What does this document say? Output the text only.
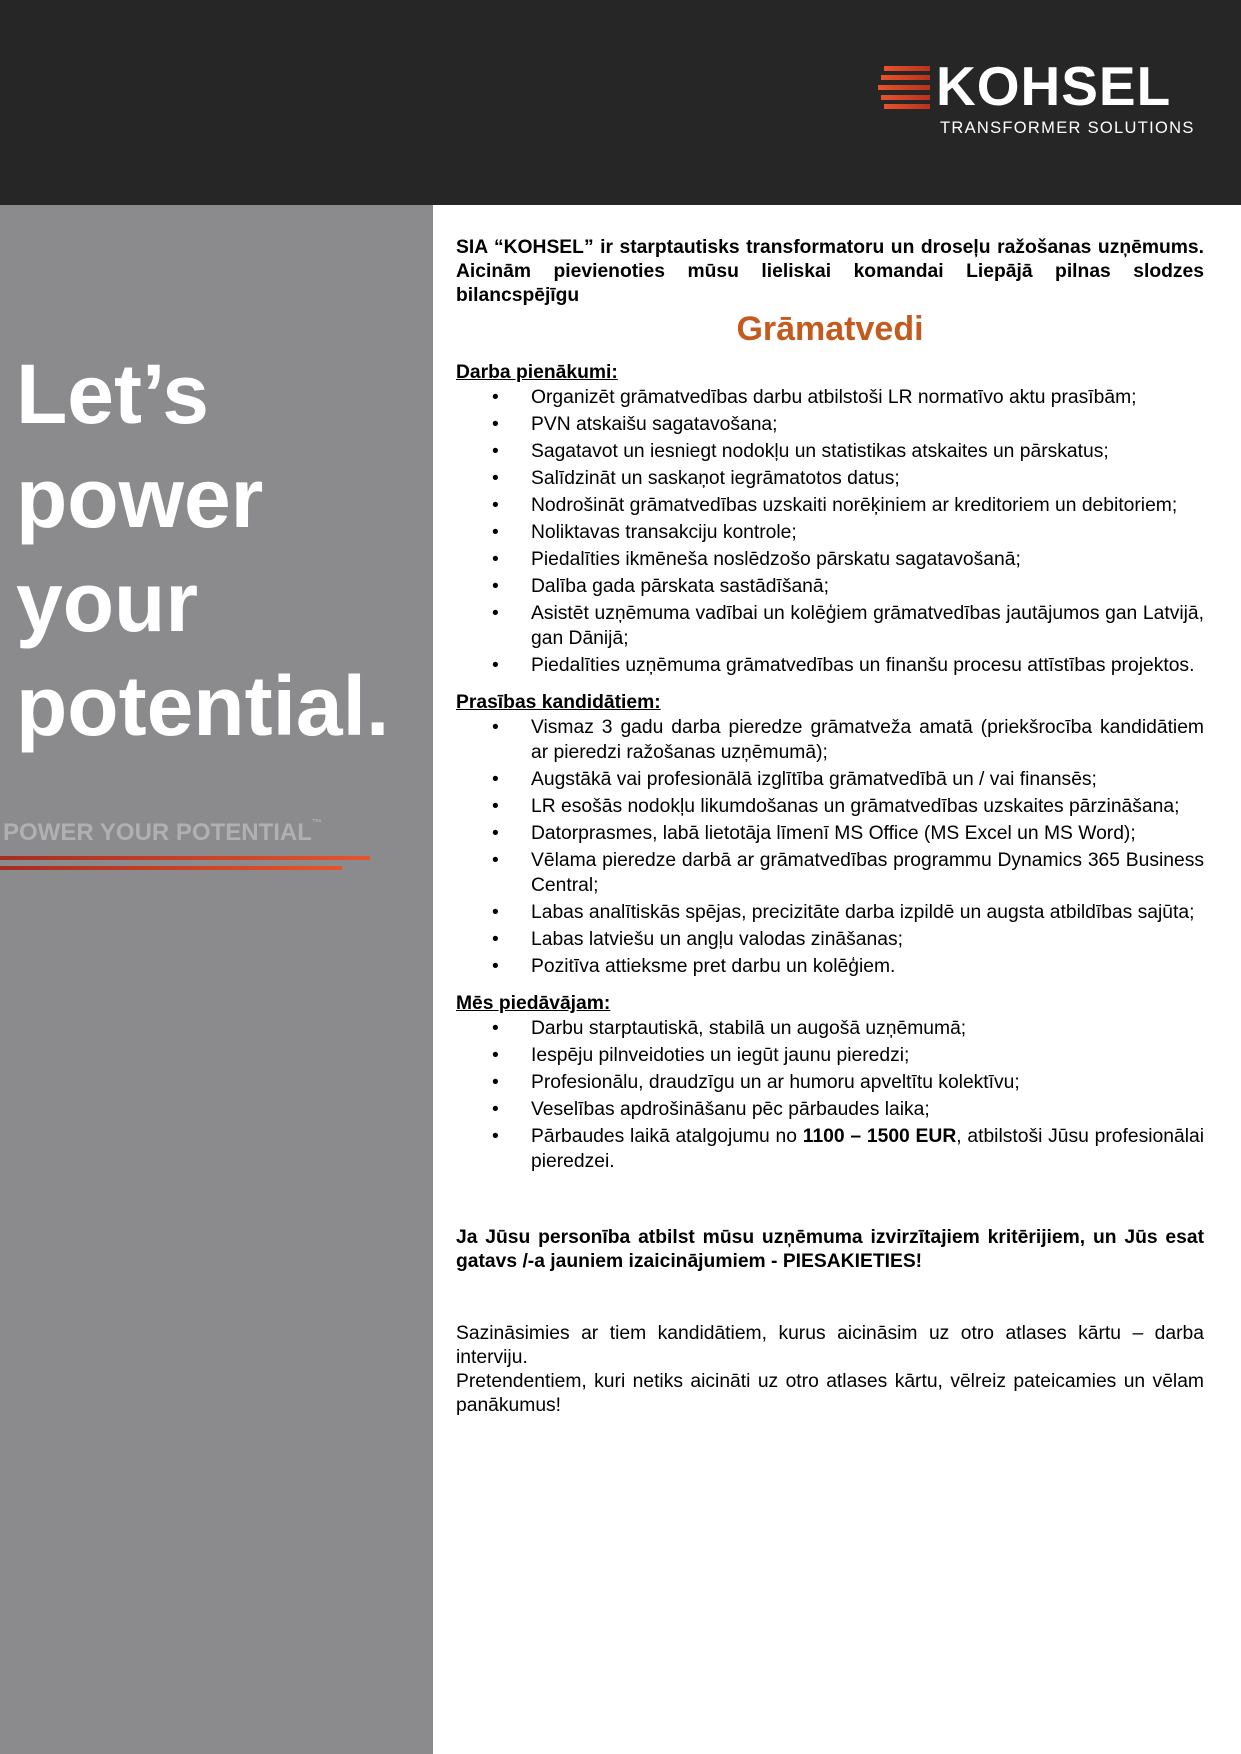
KOHSEL
TRANSFORMER SOLUTIONS
Let’s
power
your
potential.
POWER YOUR POTENTIAL™
SIA “KOHSEL” ir starptautisks transformatoru un droseļu ražošanas uzņēmums. Aicinām pievienoties mūsu lieliskai komandai Liepājā pilnas slodzes bilancspējīgu
Grāmatvedi
Darba pienākumi:
• Organizēt grāmatvedības darbu atbilstoši LR normatīvo aktu prasībām;
• PVN atskaišu sagatavošana;
• Sagatavot un iesniegt nodokļu un statistikas atskaites un pārskatus;
• Salīdzināt un saskaņot iegrāmatotos datus;
• Nodrošināt grāmatvedības uzskaiti norēķiniem ar kreditoriem un debitoriem;
• Noliktavas transakciju kontrole;
• Piedalīties ikmēneša noslēdzošo pārskatu sagatavošanā;
• Dalība gada pārskata sastādīšanā;
• Asistēt uzņēmuma vadībai un kolēģiem grāmatvedības jautājumos gan Latvijā, gan Dānijā;
• Piedalīties uzņēmuma grāmatvedības un finanšu procesu attīstības projektos.
Prasības kandidātiem:
• Vismaz 3 gadu darba pieredze grāmatveža amatā (priekšrocība kandidātiem ar pieredzi ražošanas uzņēmumā);
• Augstākā vai profesionālā izglītība grāmatvedībā un / vai finansēs;
• LR esošās nodokļu likumdošanas un grāmatvedības uzskaites pārzināšana;
• Datorprasmes, labā lietotāja līmenī MS Office (MS Excel un MS Word);
• Vēlama pieredze darbā ar grāmatvedības programmu Dynamics 365 Business Central;
• Labas analītiskās spējas, precizitāte darba izpildē un augsta atbildības sajūta;
• Labas latviešu un angļu valodas zināšanas;
• Pozitīva attieksme pret darbu un kolēģiem.
Mēs piedāvājam:
• Darbu starptautiskā, stabilā un augošā uzņēmumā;
• Iespēju pilnveidoties un iegūt jaunu pieredzi;
• Profesionālu, draudzīgu un ar humoru apveltītu kolektīvu;
• Veselības apdrošināšanu pēc pārbaudes laika;
• Pārbaudes laikā atalgojumu no 1100 – 1500 EUR, atbilstoši Jūsu profesionālai pieredzei.
Ja Jūsu personība atbilst mūsu uzņēmuma izvirzītajiem kritērijiem, un Jūs esat gatavs /-a jauniem izaicinājumiem - PIESAKIETIES!
Sazināsimies ar tiem kandidātiem, kurus aicināsim uz otro atlases kārtu – darba interviju.
Pretendentiem, kuri netiks aicināti uz otro atlases kārtu, vēlreiz pateicamies un vēlam panākumus!
